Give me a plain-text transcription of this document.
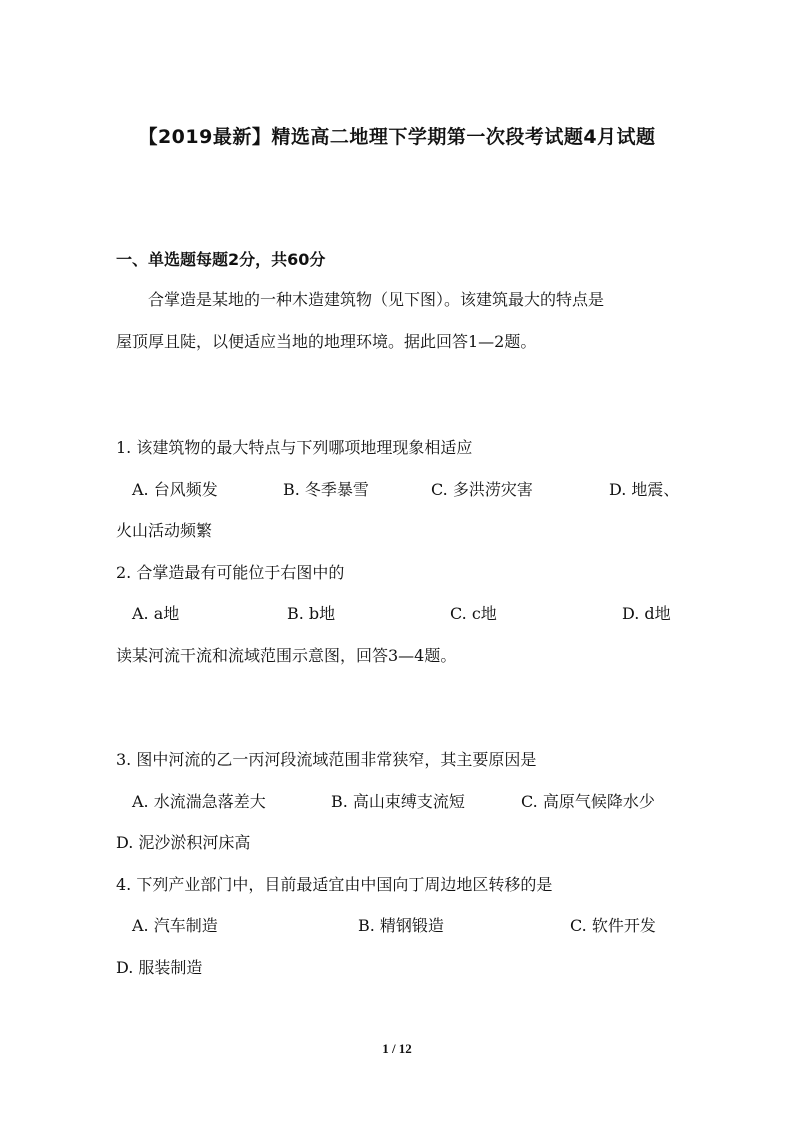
【2019最新】精选高二地理下学期第一次段考试题4月试题
一、单选题每题2分，共60分
合掌造是某地的一种木造建筑物（见下图）。该建筑最大的特点是
屋顶厚且陡，以便适应当地的地理环境。据此回答1—2题。
1. 该建筑物的最大特点与下列哪项地理现象相适应
A. 台风频发	B. 冬季暴雪	C. 多洪涝灾害	D. 地震、
火山活动频繁
2. 合掌造最有可能位于右图中的
A. a地	B. b地	C. c地	D. d地
读某河流干流和流域范围示意图，回答3—4题。
3. 图中河流的乙一丙河段流域范围非常狭窄，其主要原因是
A. 水流湍急落差大	B. 高山束缚支流短	C. 高原气候降水少
D. 泥沙淤积河床高
4. 下列产业部门中，目前最适宜由中国向丁周边地区转移的是
A. 汽车制造	B. 精钢锻造	C. 软件开发
D. 服装制造
1 / 12
